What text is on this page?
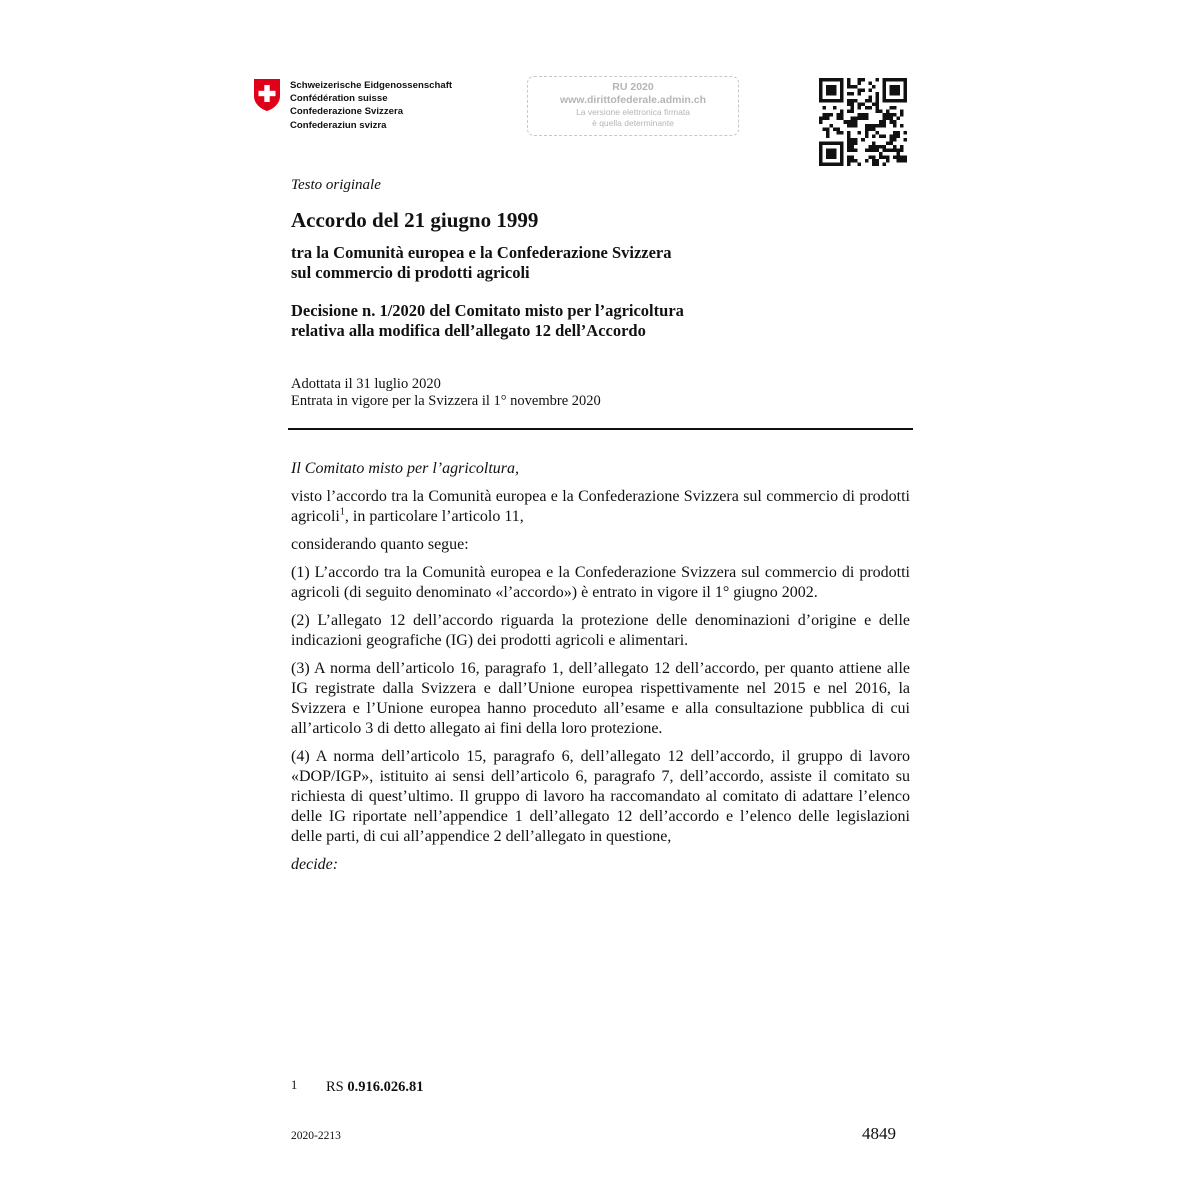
Schweizerische Eidgenossenschaft
Confédération suisse
Confederazione Svizzera
Confederaziun svizra
RU 2020
www.dirittofederale.admin.ch
La versione elettronica firmata
è quella determinante
Testo originale
Accordo del 21 giugno 1999
tra la Comunità europea e la Confederazione Svizzera
sul commercio di prodotti agricoli
Decisione n. 1/2020 del Comitato misto per l’agricoltura
relativa alla modifica dell’allegato 12 dell’Accordo
Adottata il 31 luglio 2020
Entrata in vigore per la Svizzera il 1° novembre 2020

Il Comitato misto per l’agricoltura,

visto l’accordo tra la Comunità europea e la Confederazione Svizzera sul commercio di prodotti agricoli$^1$, in particolare l’articolo 11,

considerando quanto segue:

(1) L’accordo tra la Comunità europea e la Confederazione Svizzera sul commercio di prodotti agricoli (di seguito denominato «l’accordo») è entrato in vigore il 1° giugno 2002.

(2) L’allegato 12 dell’accordo riguarda la protezione delle denominazioni d’origine e delle indicazioni geografiche (IG) dei prodotti agricoli e alimentari.

(3) A norma dell’articolo 16, paragrafo 1, dell’allegato 12 dell’accordo, per quanto attiene alle IG registrate dalla Svizzera e dall’Unione europea rispettivamente nel 2015 e nel 2016, la Svizzera e l’Unione europea hanno proceduto all’esame e alla consultazione pubblica di cui all’articolo 3 di detto allegato ai fini della loro protezione.

(4) A norma dell’articolo 15, paragrafo 6, dell’allegato 12 dell’accordo, il gruppo di lavoro «DOP/IGP», istituito ai sensi dell’articolo 6, paragrafo 7, dell’accordo, assiste il comitato su richiesta di quest’ultimo. Il gruppo di lavoro ha raccomandato al comitato di adattare l’elenco delle IG riportate nell’appendice 1 dell’allegato 12 dell’accordo e l’elenco delle legislazioni delle parti, di cui all’appendice 2 dell’allegato in questione,

decide:

1 RS 0.916.026.81
2020-2213	4849
